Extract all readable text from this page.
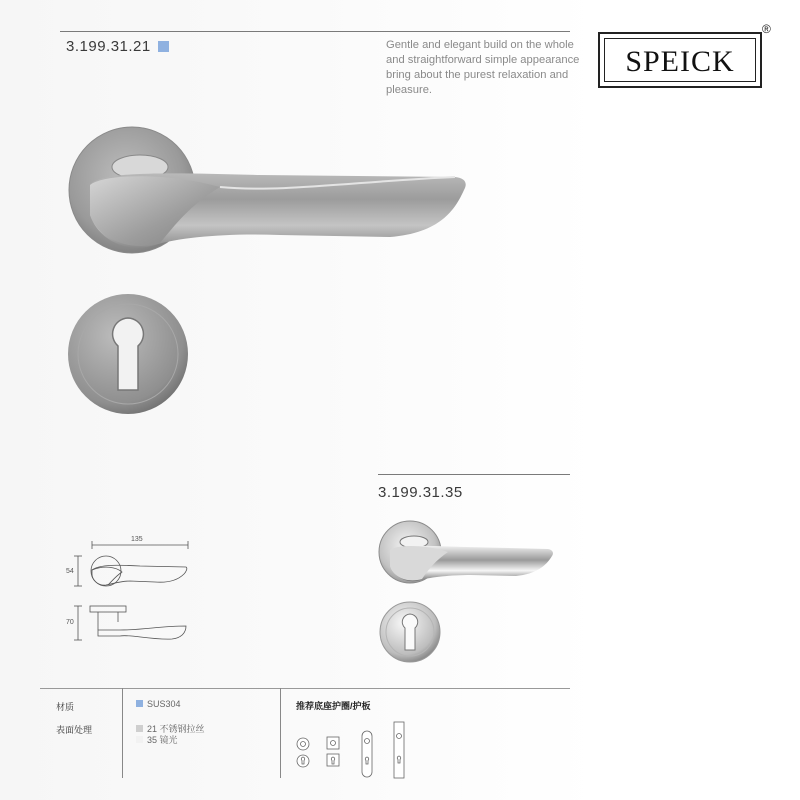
3.199.31.21	Gentle and elegant build on the whole and straightforward simple appearance bring about the purest relaxation and pleasure.
SPEICK
®
3.199.31.35
135
54
70
材质
表面处理
SUS304
21 不锈钢拉丝
35 镜光
推荐底座护圈/护板
